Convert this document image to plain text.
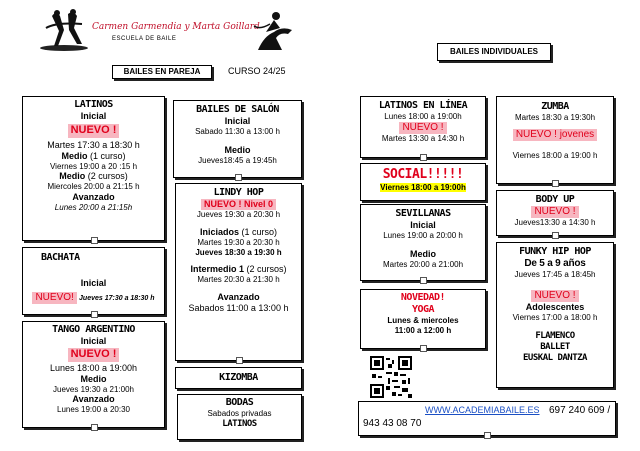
Carmen Garmendia y Marta Goillard
ESCUELA DE BAILE
BAILES EN PAREJA	CURSO 24/25
BAILES INDIVIDUALES
LATINOS
Inicial
NUEVO !
Martes 17:30 a 18:30 h
Medio (1 curso)
Viernes 19:00 a 20 :15 h
Medio (2 cursos)
Miercoles 20:00 a 21:15 h
Avanzado
Lunes 20:00 a 21:15h
BACHATA
Inicial
NUEVO! Jueves 17:30 a 18:30 h
TANGO ARGENTINO
Inicial
NUEVO !
Lunes 18:00 a 19:00h
Medio
Jueves 19:30 a 21:00h
Avanzado
Lunes 19:00 a 20:30
BAILES DE SALÓN
Inicial
Sabado 11:30 a 13:00 h
Medio
Jueves18:45 a 19:45h
LINDY HOP
NUEVO ! Nivel 0
Jueves 19:30 a 20:30 h
Iniciados (1 curso)
Martes 19:30 a 20:30 h
Jueves 18:30 a 19:30 h
Intermedio 1 (2 cursos)
Martes 20:30 a 21:30 h
Avanzado
Sabados 11:00 a 13:00 h
KIZOMBA
BODAS
Sabados privadas
LATINOS
LATINOS EN LÍNEA
Lunes 18:00 a 19:00h
NUEVO !
Martes 13:30 a 14:30 h
SOCIAL!!!!!
Viernes 18:00 a 19:00h
SEVILLANAS
Inicial
Lunes 19:00 a 20:00 h
Medio
Martes 20:00 a 21:00h
NOVEDAD!
YOGA
Lunes & miercoles
11:00 a 12:00 h
ZUMBA
Martes 18:30 a 19:30h
NUEVO ! jovenes
Viernes 18:00 a 19:00 h
BODY UP
NUEVO !
Jueves13:30 a 14:30 h
FUNKY HIP HOP
De 5 a 9 años
Jueves 17:45 a 18:45h
NUEVO !
Adolescentes
Viernes 17:00 a 18:00 h
FLAMENCO
BALLET
EUSKAL DANTZA
WWW.ACADEMIABAILE.ES 697 240 609 /
943 43 08 70
